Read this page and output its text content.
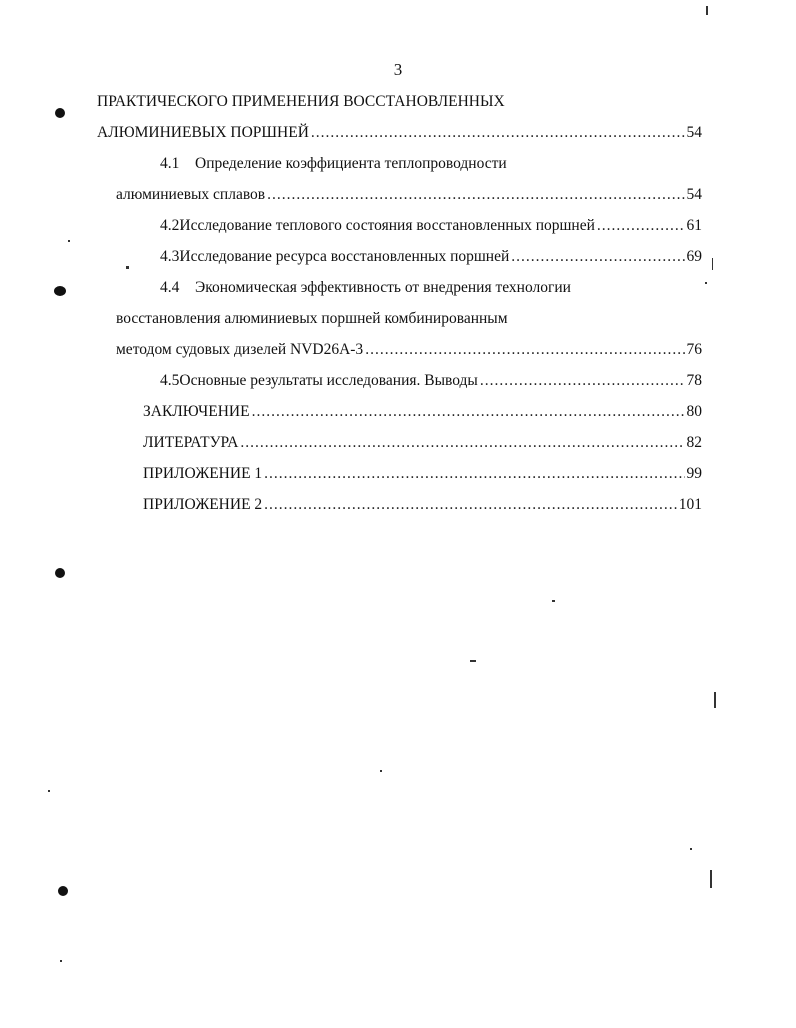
3
ПРАКТИЧЕСКОГО ПРИМЕНЕНИЯ ВОССТАНОВЛЕННЫХ
АЛЮМИНИЕВЫХ ПОРШНЕЙ .....	54
4.1 Определение коэффициента теплопроводности
алюминиевых сплавов .....	54
4.2 Исследование теплового состояния восстановленных поршней .....	61
4.3 Исследование ресурса восстановленных поршней .....	69
4.4 Экономическая эффективность от внедрения технологии
восстановления алюминиевых поршней комбинированным
методом судовых дизелей NVD26A-3 .....	76
4.5 Основные результаты исследования. Выводы .....	78
ЗАКЛЮЧЕНИЕ .....	80
ЛИТЕРАТУРА .....	82
ПРИЛОЖЕНИЕ 1 .....	99
ПРИЛОЖЕНИЕ 2 .....	101
